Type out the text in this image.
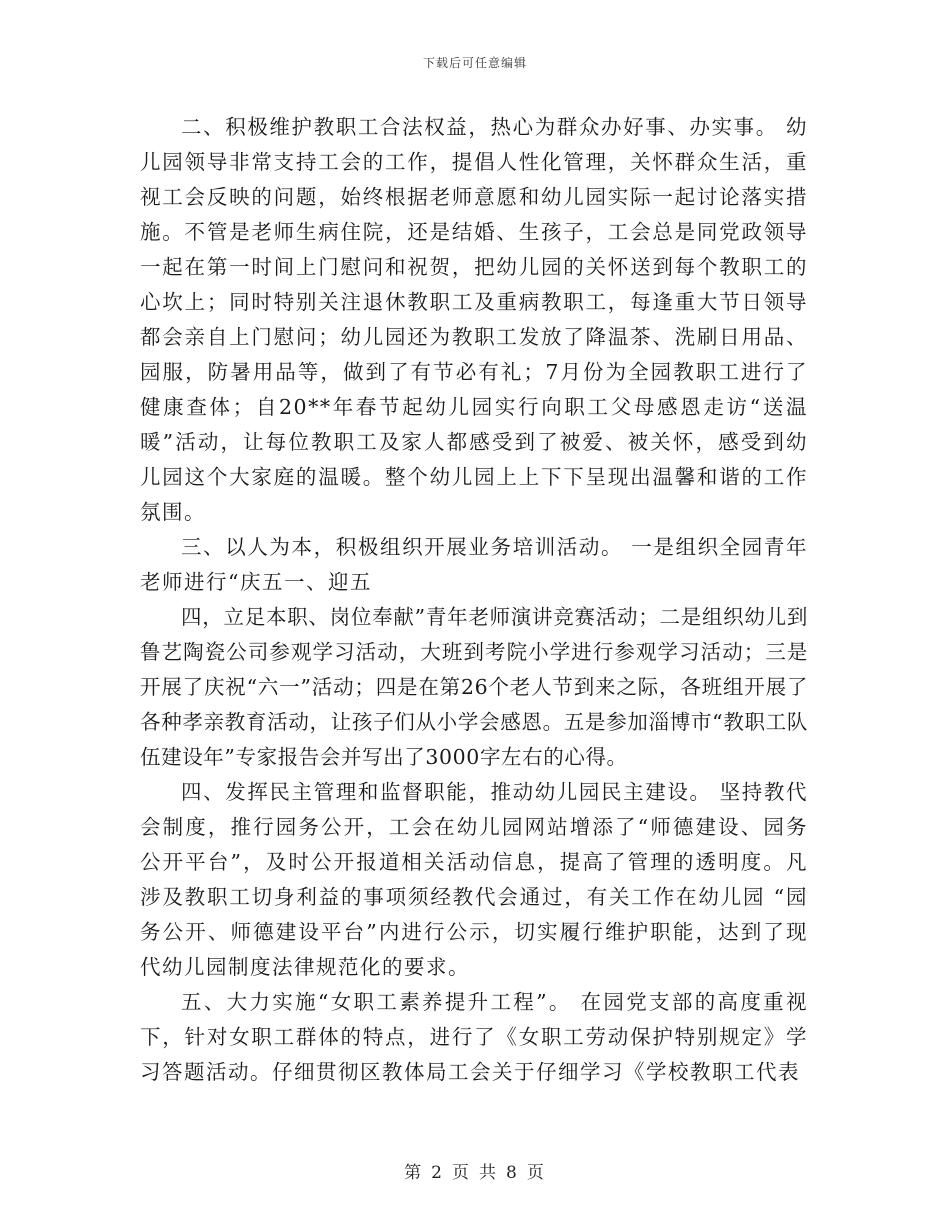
下载后可任意编辑

二、积极维护教职工合法权益，热心为群众办好事、办实事。 幼儿园领导非常支持工会的工作，提倡人性化管理，关怀群众生活，重视工会反映的问题，始终根据老师意愿和幼儿园实际一起讨论落实措施。不管是老师生病住院，还是结婚、生孩子，工会总是同党政领导一起在第一时间上门慰问和祝贺，把幼儿园的关怀送到每个教职工的心坎上；同时特别关注退休教职工及重病教职工，每逢重大节日领导都会亲自上门慰问；幼儿园还为教职工发放了降温茶、洗刷日用品、园服，防暑用品等，做到了有节必有礼；7月份为全园教职工进行了健康查体；自20**年春节起幼儿园实行向职工父母感恩走访“送温暖”活动，让每位教职工及家人都感受到了被爱、被关怀，感受到幼儿园这个大家庭的温暖。整个幼儿园上上下下呈现出温馨和谐的工作氛围。

三、以人为本，积极组织开展业务培训活动。 一是组织全园青年老师进行“庆五一、迎五

四，立足本职、岗位奉献”青年老师演讲竞赛活动；二是组织幼儿到鲁艺陶瓷公司参观学习活动，大班到考院小学进行参观学习活动；三是开展了庆祝“六一”活动；四是在第26个老人节到来之际，各班组开展了各种孝亲教育活动，让孩子们从小学会感恩。五是参加淄博市“教职工队伍建设年”专家报告会并写出了3000字左右的心得。

四、发挥民主管理和监督职能，推动幼儿园民主建设。 坚持教代会制度，推行园务公开，工会在幼儿园网站增添了“师德建设、园务公开平台”，及时公开报道相关活动信息，提高了管理的透明度。凡涉及教职工切身利益的事项须经教代会通过，有关工作在幼儿园 “园务公开、师德建设平台”内进行公示，切实履行维护职能，达到了现代幼儿园制度法律规范化的要求。

五、大力实施“女职工素养提升工程”。 在园党支部的高度重视下，针对女职工群体的特点，进行了《女职工劳动保护特别规定》学习答题活动。仔细贯彻区教体局工会关于仔细学习《学校教职工代表

第 2 页 共 8 页
